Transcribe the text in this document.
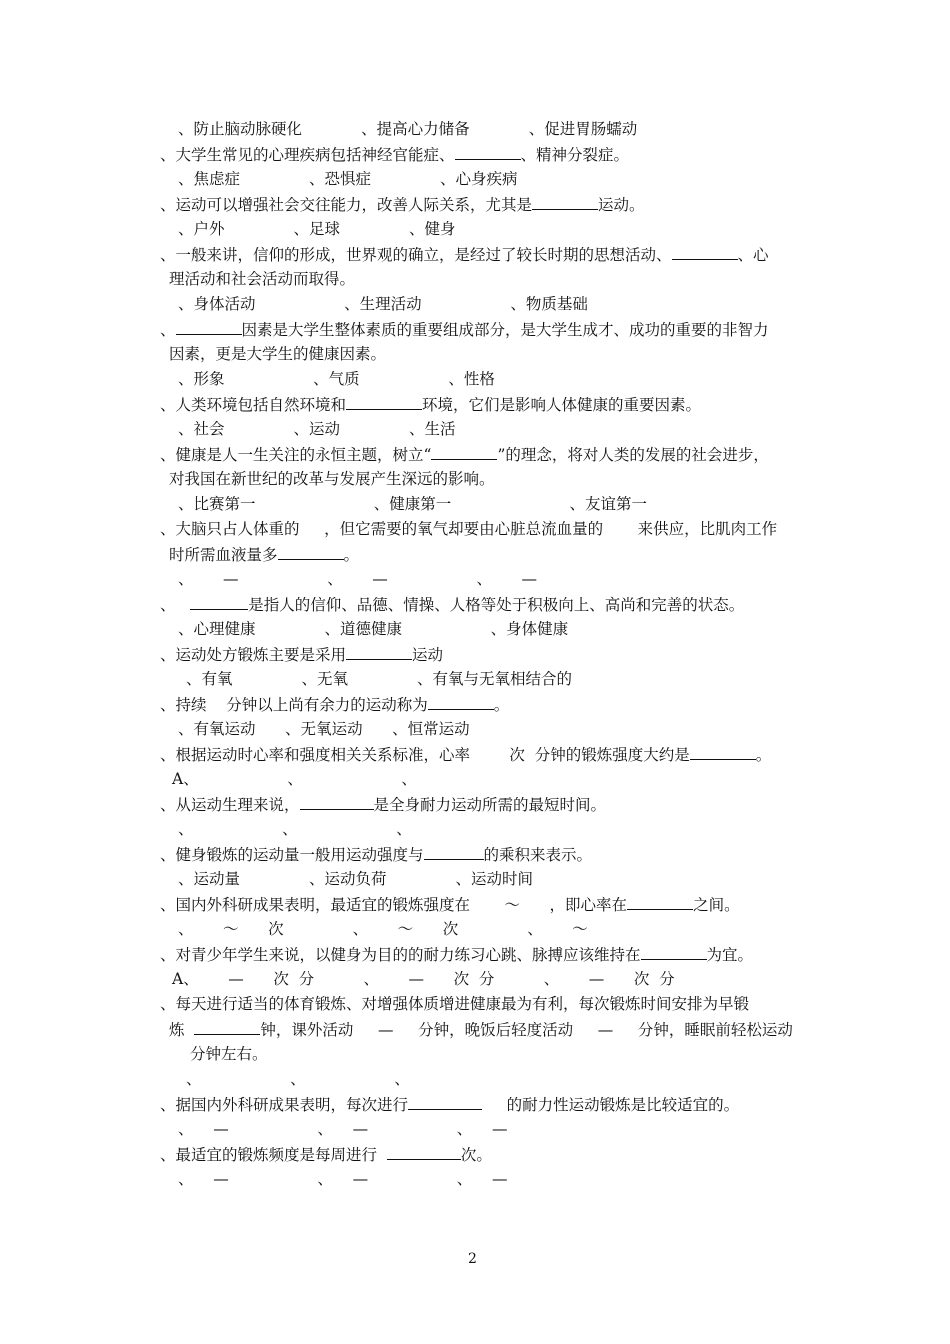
、防止脑动脉硬化            、提高心力储备            、促进胃肠蠕动
、大学生常见的心理疾病包括神经官能症、	、精神分裂症。
、焦虑症              、恐惧症              、心身疾病
、运动可以增强社会交往能力，改善人际关系，尤其是	运动。
、户外              、足球              、健身
、一般来讲，信仰的形成，世界观的确立，是经过了较长时期的思想活动、	、心
理活动和社会活动而取得。
、身体活动                  、生理活动                  、物质基础
、	因素是大学生整体素质的重要组成部分，是大学生成才、成功的重要的非智力
因素，更是大学生的健康因素。
、形象                  、气质                  、性格
、人类环境包括自然环境和	环境，它们是影响人体健康的重要因素。
、社会              、运动              、生活
、健康是人一生关注的永恒主题，树立“	”的理念，将对人类的发展的社会进步，
对我国在新世纪的改革与发展产生深远的影响。
、比赛第一                        、健康第一                        、友谊第一
、大脑只占人体重的     ，但它需要的氧气却要由心脏总流血量的       来供应，比肌肉工作
时所需血液量多	。
、      —                  、      —                  、      —
、	是指人的信仰、品德、情操、人格等处于积极向上、高尚和完善的状态。
、心理健康              、道德健康                  、身体健康
、运动处方锻炼主要是采用	运动
、有氧              、无氧              、有氧与无氧相结合的
、持续    分钟以上尚有余力的运动称为	。
、有氧运动      、无氧运动      、恒常运动
、根据运动时心率和强度相关关系标准，心率        次  分钟的锻炼强度大约是	。
A、                  、                    、
、从运动生理来说，	是全身耐力运动所需的最短时间。
、                  、                    、
、健身锻炼的运动量一般用运动强度与	的乘积来表示。
、运动量              、运动负荷              、运动时间
、国内外科研成果表明，最适宜的锻炼强度在       ～      ，即心率在	之间。
、      ～      次              、      ～      次              、      ～
、对青少年学生来说，以健身为目的的耐力练习心跳、脉搏应该维持在	为宜。
A、      —      次  分          、      —      次  分          、      —      次  分
、每天进行适当的体育锻炼、对增强体质增进健康最为有利，每次锻炼时间安排为早锻
炼	钟，课外活动     —     分钟，晚饭后轻度活动     —     分钟，睡眠前轻松运动
分钟左右。
、                  、                  、
、据国内外科研成果表明，每次进行	的耐力性运动锻炼是比较适宜的。
、    —                  、    —                  、    —
、最适宜的锻炼频度是每周进行	次。
、    —                  、    —                  、    —
2
